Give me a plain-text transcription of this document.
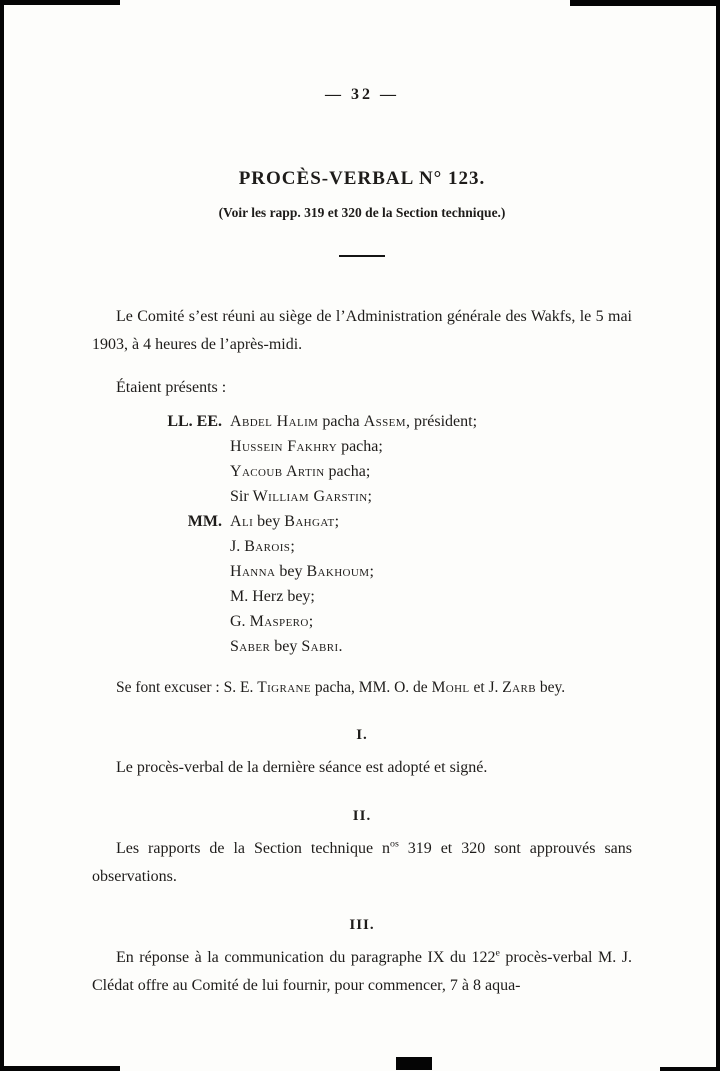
— 32 —
PROCÈS-VERBAL N° 123.
(Voir les rapp. 319 et 320 de la Section technique.)

Le Comité s’est réuni au siège de l’Administration générale des Wakfs, le 5 mai 1903, à 4 heures de l’après-midi.

Étaient présents :

LL. EE. Abdel Halim pacha Assem, président;
Hussein Fakhry pacha;
Yacoub Artin pacha;
Sir William Garstin;
MM. Ali bey Bahgat;
J. Barois;
Hanna bey Bakhoum;
M. Herz bey;
G. Maspero;
Saber bey Sabri.

Se font excuser : S. E. Tigrane pacha, MM. O. de Mohl et J. Zarb bey.

I.

Le procès-verbal de la dernière séance est adopté et signé.

II.

Les rapports de la Section technique $n^{os}$ 319 et 320 sont approuvés sans observations.

III.

En réponse à la communication du paragraphe IX du 122e procès-verbal M. J. Clédat offre au Comité de lui fournir, pour commencer, 7 à 8 aqua-
